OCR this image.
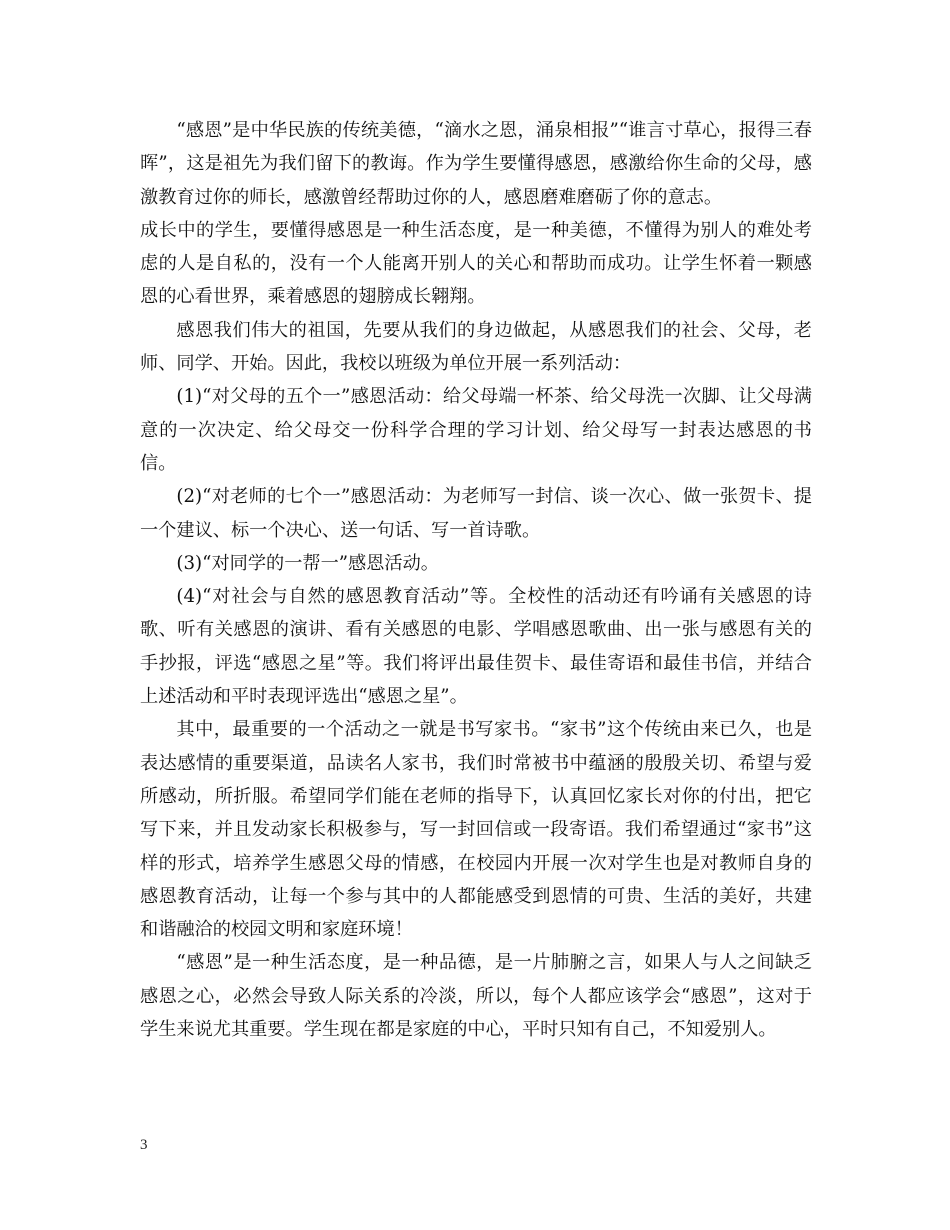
“感恩”是中华民族的传统美德，“滴水之恩，涌泉相报”“谁言寸草心，报得三春晖”，这是祖先为我们留下的教诲。作为学生要懂得感恩，感激给你生命的父母，感激教育过你的师长，感激曾经帮助过你的人，感恩磨难磨砺了你的意志。

成长中的学生，要懂得感恩是一种生活态度，是一种美德，不懂得为别人的难处考虑的人是自私的，没有一个人能离开别人的关心和帮助而成功。让学生怀着一颗感恩的心看世界，乘着感恩的翅膀成长翱翔。

感恩我们伟大的祖国，先要从我们的身边做起，从感恩我们的社会、父母，老师、同学、开始。因此，我校以班级为单位开展一系列活动：

(1)“对父母的五个一”感恩活动：给父母端一杯茶、给父母洗一次脚、让父母满意的一次决定、给父母交一份科学合理的学习计划、给父母写一封表达感恩的书信。

(2)“对老师的七个一”感恩活动：为老师写一封信、谈一次心、做一张贺卡、提一个建议、标一个决心、送一句话、写一首诗歌。

(3)“对同学的一帮一”感恩活动。

(4)“对社会与自然的感恩教育活动”等。全校性的活动还有吟诵有关感恩的诗歌、听有关感恩的演讲、看有关感恩的电影、学唱感恩歌曲、出一张与感恩有关的手抄报，评选“感恩之星”等。我们将评出最佳贺卡、最佳寄语和最佳书信，并结合上述活动和平时表现评选出“感恩之星”。

其中，最重要的一个活动之一就是书写家书。“家书”这个传统由来已久，也是表达感情的重要渠道，品读名人家书，我们时常被书中蕴涵的殷殷关切、希望与爱所感动，所折服。希望同学们能在老师的指导下，认真回忆家长对你的付出，把它写下来，并且发动家长积极参与，写一封回信或一段寄语。我们希望通过“家书”这样的形式，培养学生感恩父母的情感，在校园内开展一次对学生也是对教师自身的感恩教育活动，让每一个参与其中的人都能感受到恩情的可贵、生活的美好，共建和谐融洽的校园文明和家庭环境！

“感恩”是一种生活态度，是一种品德，是一片肺腑之言，如果人与人之间缺乏感恩之心，必然会导致人际关系的冷淡，所以，每个人都应该学会“感恩”，这对于学生来说尤其重要。学生现在都是家庭的中心，平时只知有自己，不知爱别人。

3
